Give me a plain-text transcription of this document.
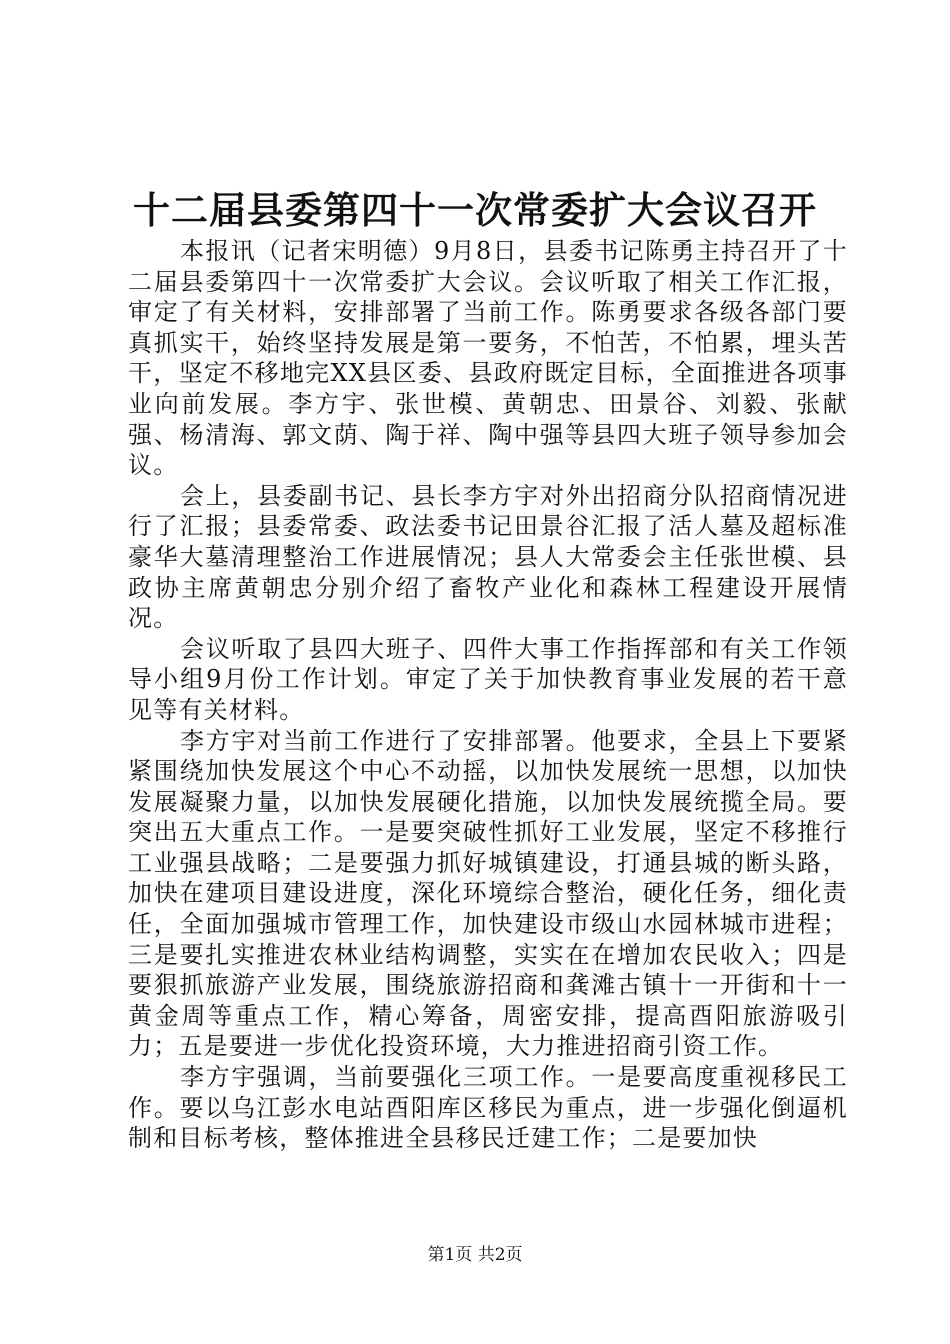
十二届县委第四十一次常委扩大会议召开

本报讯（记者宋明德）9月8日，县委书记陈勇主持召开了十二届县委第四十一次常委扩大会议。会议听取了相关工作汇报，审定了有关材料，安排部署了当前工作。陈勇要求各级各部门要真抓实干，始终坚持发展是第一要务，不怕苦，不怕累，埋头苦干，坚定不移地完XX县区委、县政府既定目标，全面推进各项事业向前发展。李方宇、张世模、黄朝忠、田景谷、刘毅、张献强、杨清海、郭文荫、陶于祥、陶中强等县四大班子领导参加会议。

会上，县委副书记、县长李方宇对外出招商分队招商情况进行了汇报；县委常委、政法委书记田景谷汇报了活人墓及超标准豪华大墓清理整治工作进展情况；县人大常委会主任张世模、县政协主席黄朝忠分别介绍了畜牧产业化和森林工程建设开展情况。

会议听取了县四大班子、四件大事工作指挥部和有关工作领导小组9月份工作计划。审定了关于加快教育事业发展的若干意见等有关材料。

李方宇对当前工作进行了安排部署。他要求，全县上下要紧紧围绕加快发展这个中心不动摇，以加快发展统一思想，以加快发展凝聚力量，以加快发展硬化措施，以加快发展统揽全局。要突出五大重点工作。一是要突破性抓好工业发展，坚定不移推行工业强县战略；二是要强力抓好城镇建设，打通县城的断头路，加快在建项目建设进度，深化环境综合整治，硬化任务，细化责任，全面加强城市管理工作，加快建设市级山水园林城市进程；三是要扎实推进农林业结构调整，实实在在增加农民收入；四是要狠抓旅游产业发展，围绕旅游招商和龚滩古镇十一开街和十一黄金周等重点工作，精心筹备，周密安排，提高酉阳旅游吸引力；五是要进一步优化投资环境，大力推进招商引资工作。

李方宇强调，当前要强化三项工作。一是要高度重视移民工作。要以乌江彭水电站酉阳库区移民为重点，进一步强化倒逼机制和目标考核，整体推进全县移民迁建工作；二是要加快

第1页 共2页
